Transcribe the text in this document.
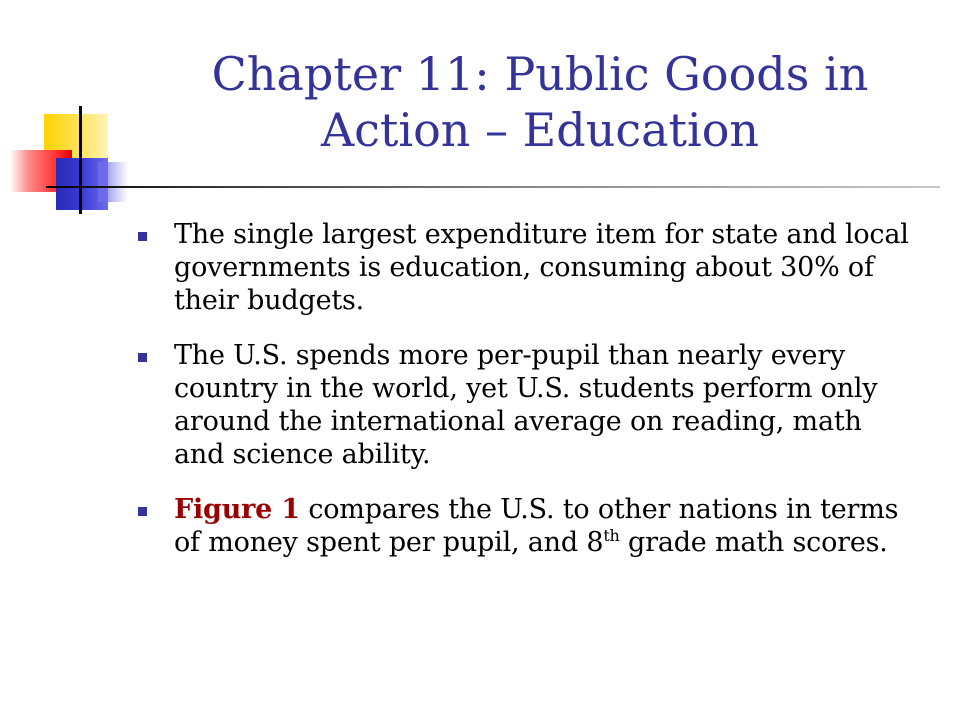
Chapter 11: Public Goods in
Action – Education
The single largest expenditure item for state and local governments is education, consuming about 30% of their budgets.
The U.S. spends more per-pupil than nearly every country in the world, yet U.S. students perform only around the international average on reading, math and science ability.
Figure 1 compares the U.S. to other nations in terms of money spent per pupil, and 8th grade math scores.
